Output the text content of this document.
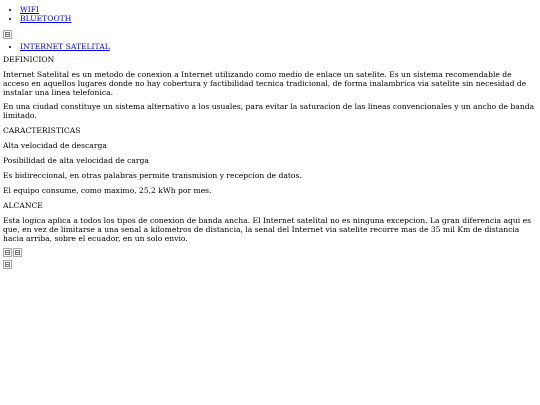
• WIFI
• BLUETOOTH
• INTERNET SATELITAL

DEFINICION

Internet Satelital es un metodo de conexion a Internet utilizando como medio de enlace un satelite. Es un sistema recomendable de acceso en aquellos lugares donde no hay cobertura y factibilidad tecnica tradicional, de forma inalambrica via satelite sin necesidad de instalar una linea telefonica.

En una ciudad constituye un sistema alternativo a los usuales, para evitar la saturacion de las lineas convencionales y un ancho de banda limitado.

CARACTERISTICAS

Alta velocidad de descarga

Posibilidad de alta velocidad de carga

Es bidireccional, en otras palabras permite transmision y recepcion de datos.

El equipo consume, como maximo, 25,2 kWh por mes.

ALCANCE

Esta logica aplica a todos los tipos de conexion de banda ancha. El Internet satelital no es ninguna excepcion. La gran diferencia aqui es que, en vez de limitarse a una senal a kilometros de distancia, la senal del Internet via satelite recorre mas de 35 mil Km de distancia hacia arriba, sobre el ecuador, en un solo envio.
